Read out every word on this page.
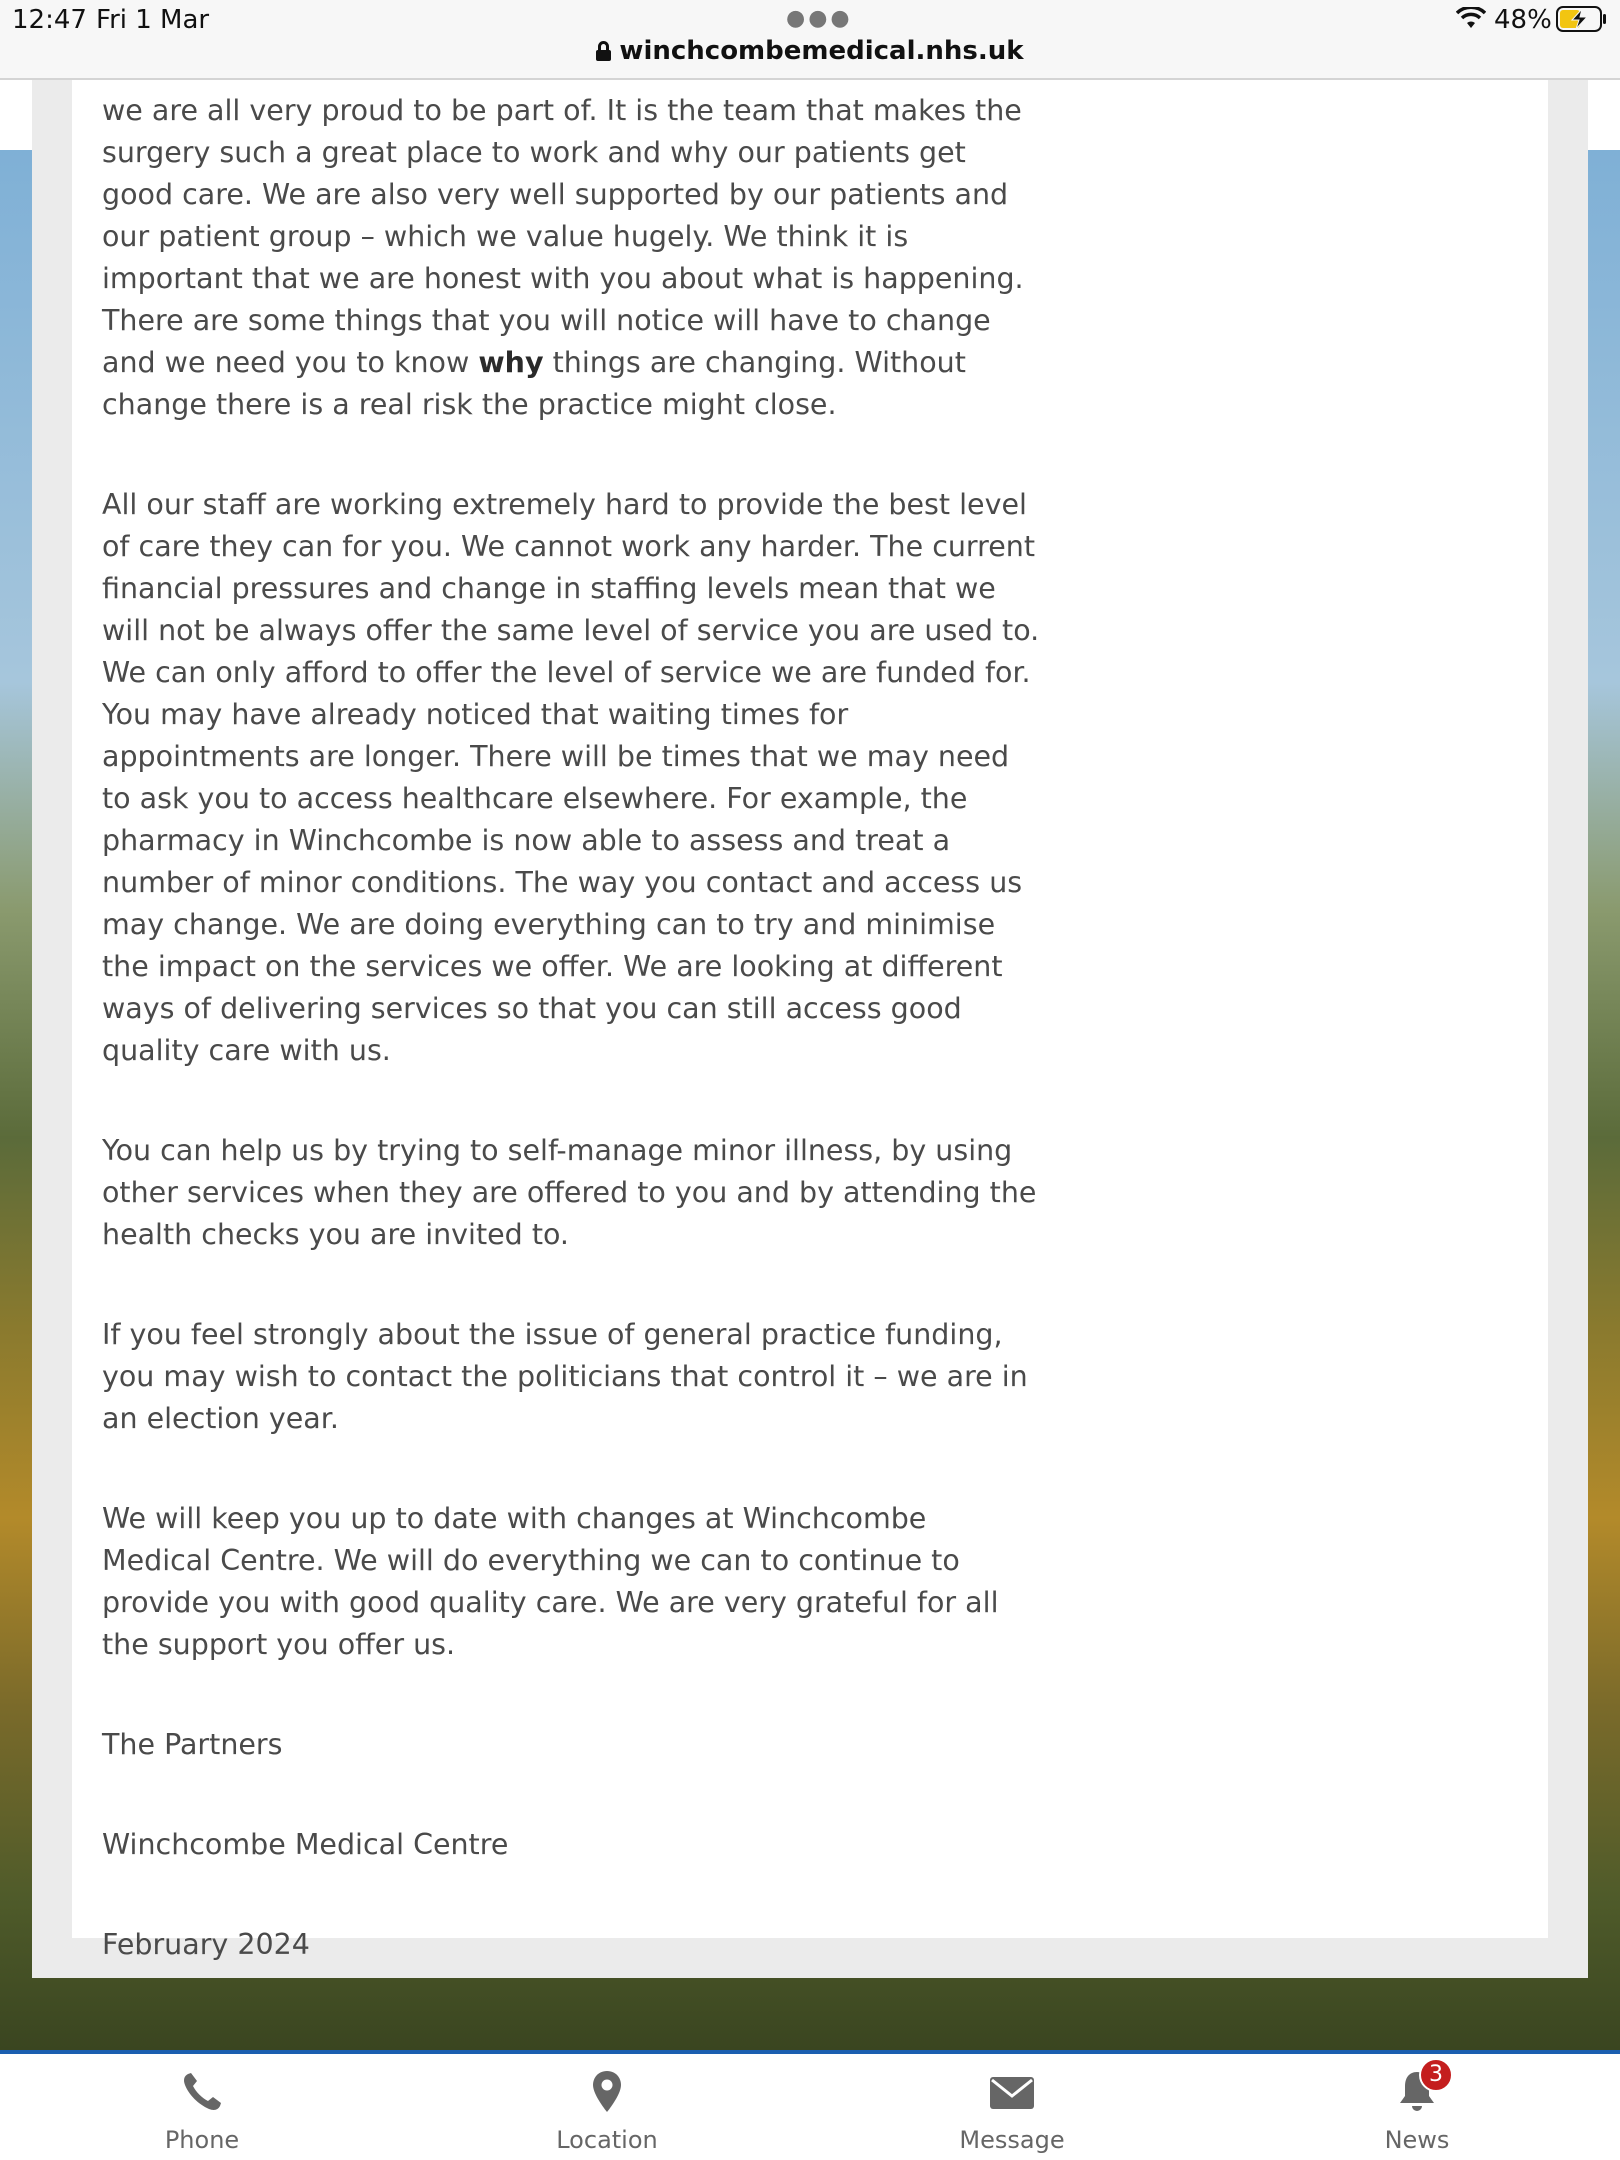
12:47 Fri 1 Mar	●●●
winchcombemedical.nhs.uk
48%

we are all very proud to be part of. It is the team that makes the surgery such a great place to work and why our patients get good care. We are also very well supported by our patients and our patient group – which we value hugely. We think it is important that we are honest with you about what is happening. There are some things that you will notice will have to change and we need you to know why things are changing. Without change there is a real risk the practice might close.

All our staff are working extremely hard to provide the best level of care they can for you. We cannot work any harder. The current financial pressures and change in staffing levels mean that we will not be always offer the same level of service you are used to. We can only afford to offer the level of service we are funded for. You may have already noticed that waiting times for appointments are longer. There will be times that we may need to ask you to access healthcare elsewhere. For example, the pharmacy in Winchcombe is now able to assess and treat a number of minor conditions. The way you contact and access us may change. We are doing everything can to try and minimise the impact on the services we offer. We are looking at different ways of delivering services so that you can still access good quality care with us.

You can help us by trying to self-manage minor illness, by using other services when they are offered to you and by attending the health checks you are invited to.

If you feel strongly about the issue of general practice funding, you may wish to contact the politicians that control it – we are in an election year.

We will keep you up to date with changes at Winchcombe Medical Centre. We will do everything we can to continue to provide you with good quality care. We are very grateful for all the support you offer us.

The Partners

Winchcombe Medical Centre

February 2024

Phone	Location	Message	News
3
